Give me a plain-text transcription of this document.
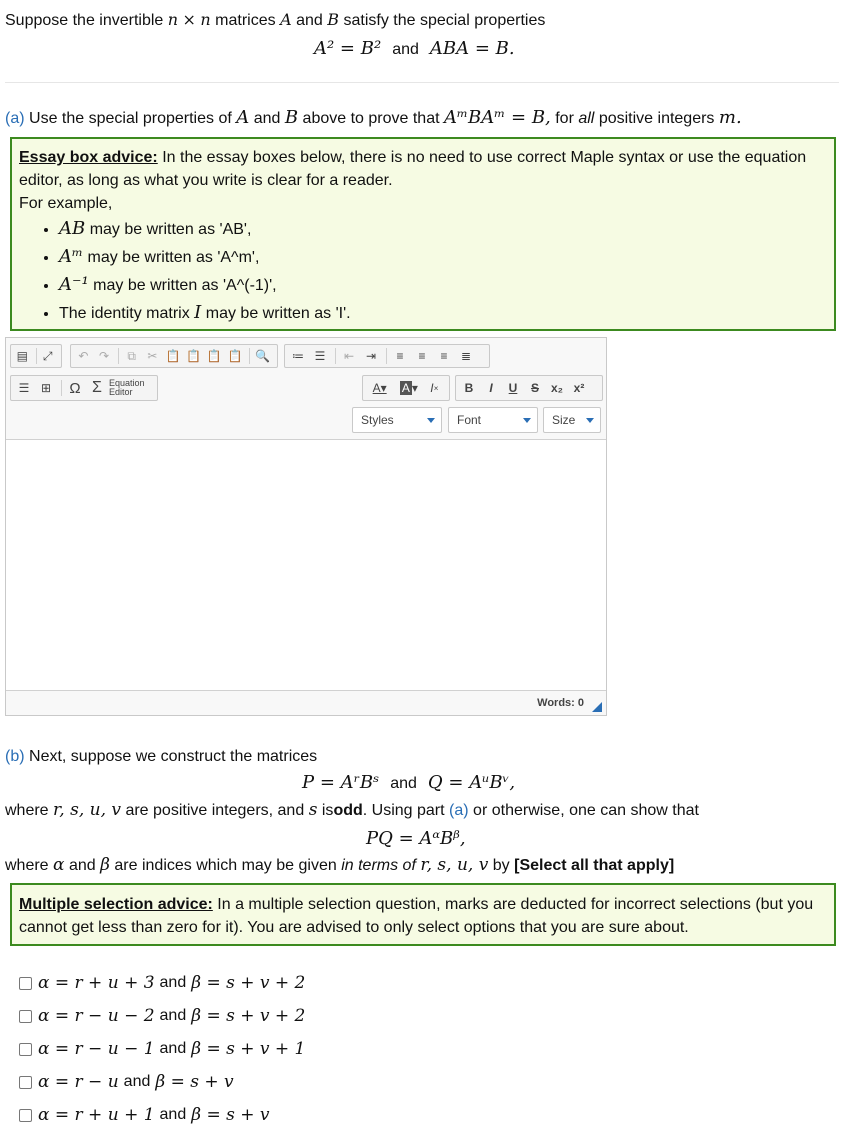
Suppose the invertible n × n matrices A and B satisfy the special properties
A² = B² and ABA = B.
(a) Use the special properties of A and B above to prove that AᵐBAᵐ = B, for all positive integers m.

Essay box advice: In the essay boxes below, there is no need to use correct Maple syntax or use the equation

editor, as long as what you write is clear for a reader.

For example,

• AB may be written as 'AB',
• Aᵐ may be written as 'A^m',
• A⁻¹ may be written as 'A^(-1)',
• The identity matrix I may be written as 'I'.
▤ ⤢	↶ ↷	⧉ ✂ 📋 📋 📋 📋 🔍	≔ ☰	⇤ ⇥	≡	≡	≡	≣
☰ ⊞	Ω Σ Equation
Editor	A▾	A ▾	I ×	B	I	U	S x₂ x²
Styles	Font	Size
Words: 0
(b) Next, suppose we construct the matrices
P = AʳBˢ and Q = AᵘBᵛ,
where r, s, u, v are positive integers, and s isodd. Using part (a) or otherwise, one can show that
PQ = AᵅBᵝ,
where α and β are indices which may be given in terms of r, s, u, v by [Select all that apply]

Multiple selection advice: In a multiple selection question, marks are deducted for incorrect selections (but you

cannot get less than zero for it). You are advised to only select options that you are sure about.

α = r + u + 3 and β = s + v + 2
α = r − u − 2 and β = s + v + 2
α = r − u − 1 and β = s + v + 1
α = r − u and β = s + v
α = r + u + 1 and β = s + v
